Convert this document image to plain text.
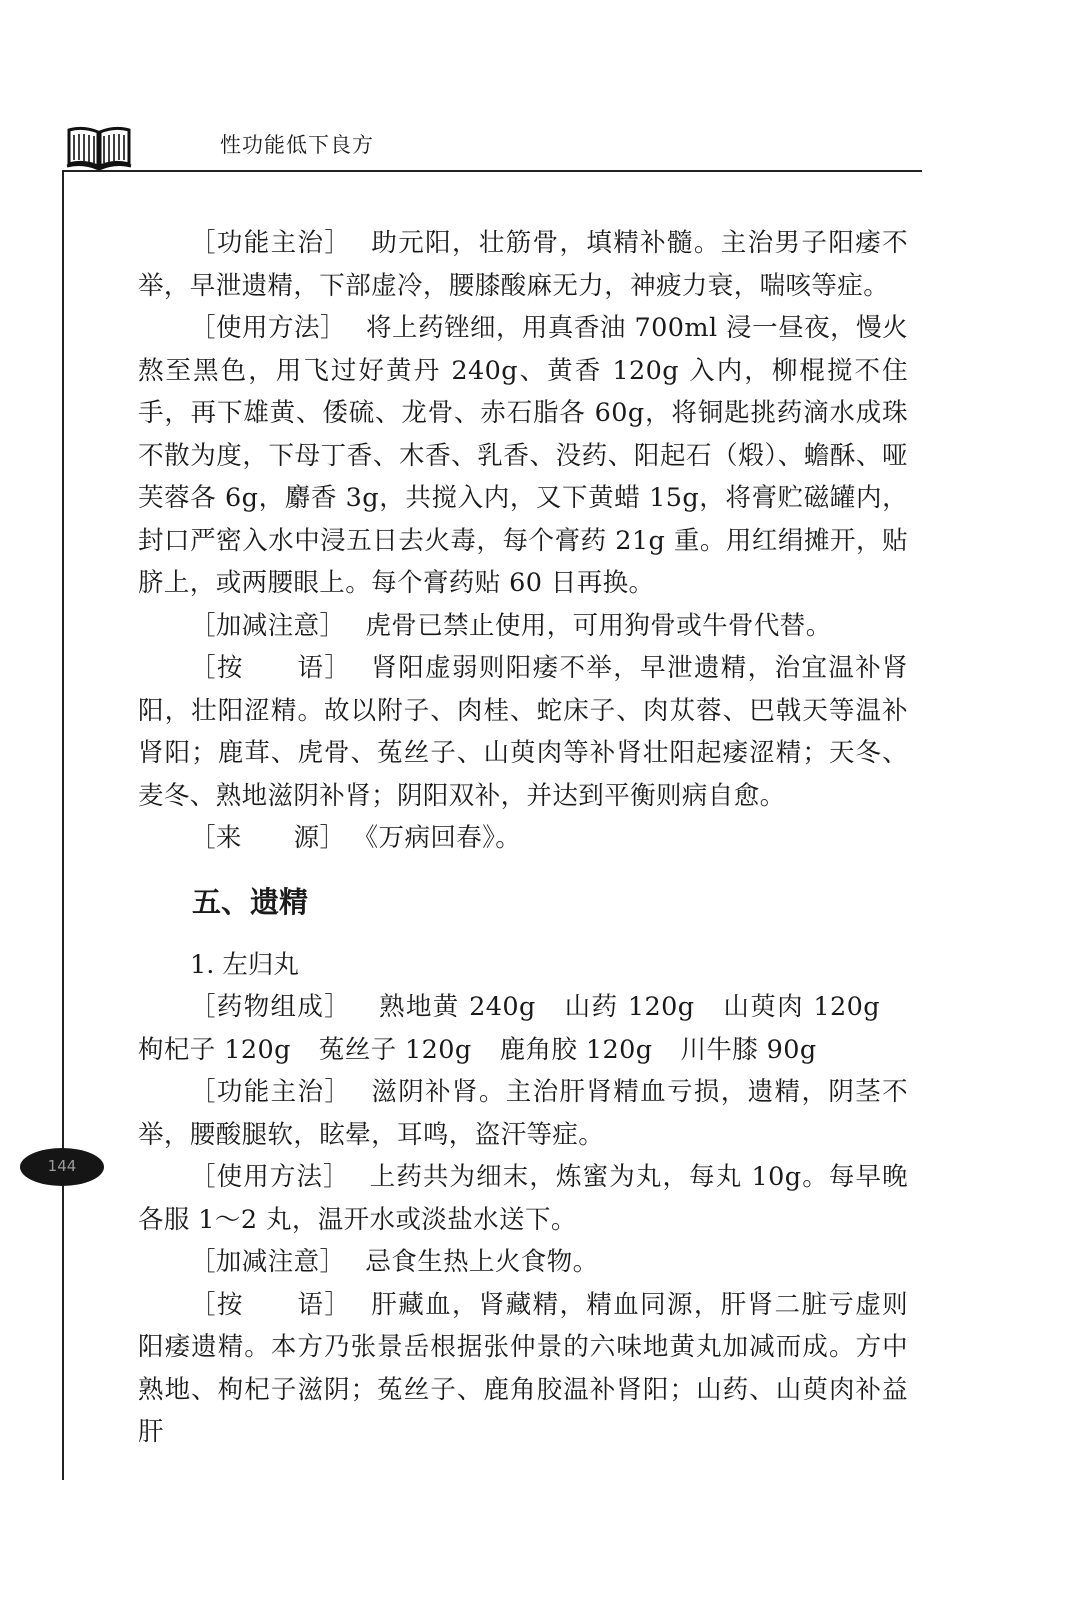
性功能低下良方
144

［功能主治］ 助元阳，壮筋骨，填精补髓。主治男子阳痿不举，早泄遗精，下部虚冷，腰膝酸麻无力，神疲力衰，喘咳等症。

［使用方法］ 将上药锉细，用真香油 700ml 浸一昼夜，慢火熬至黑色，用飞过好黄丹 240g、黄香 120g 入内，柳棍搅不住手，再下雄黄、倭硫、龙骨、赤石脂各 60g，将铜匙挑药滴水成珠不散为度，下母丁香、木香、乳香、没药、阳起石（煅）、蟾酥、哑芙蓉各 6g，麝香 3g，共搅入内，又下黄蜡 15g，将膏贮磁罐内，封口严密入水中浸五日去火毒，每个膏药 21g 重。用红绢摊开，贴脐上，或两腰眼上。每个膏药贴 60 日再换。

［加减注意］ 虎骨已禁止使用，可用狗骨或牛骨代替。

［按　　语］ 肾阳虚弱则阳痿不举，早泄遗精，治宜温补肾阳，壮阳涩精。故以附子、肉桂、蛇床子、肉苁蓉、巴戟天等温补肾阳；鹿茸、虎骨、菟丝子、山萸肉等补肾壮阳起痿涩精；天冬、麦冬、熟地滋阴补肾；阴阳双补，并达到平衡则病自愈。

［来　　源］ 《万病回春》。

五、遗精

1. 左归丸

［药物组成］ 熟地黄 240g 山药 120g 山萸肉 120g枸杞子 120g 菟丝子 120g 鹿角胶 120g 川牛膝 90g

［功能主治］ 滋阴补肾。主治肝肾精血亏损，遗精，阴茎不举，腰酸腿软，眩晕，耳鸣，盗汗等症。

［使用方法］ 上药共为细末，炼蜜为丸，每丸 10g。每早晚各服 1～2 丸，温开水或淡盐水送下。

［加减注意］ 忌食生热上火食物。

［按　　语］ 肝藏血，肾藏精，精血同源，肝肾二脏亏虚则阳痿遗精。本方乃张景岳根据张仲景的六味地黄丸加减而成。方中熟地、枸杞子滋阴；菟丝子、鹿角胶温补肾阳；山药、山萸肉补益肝
